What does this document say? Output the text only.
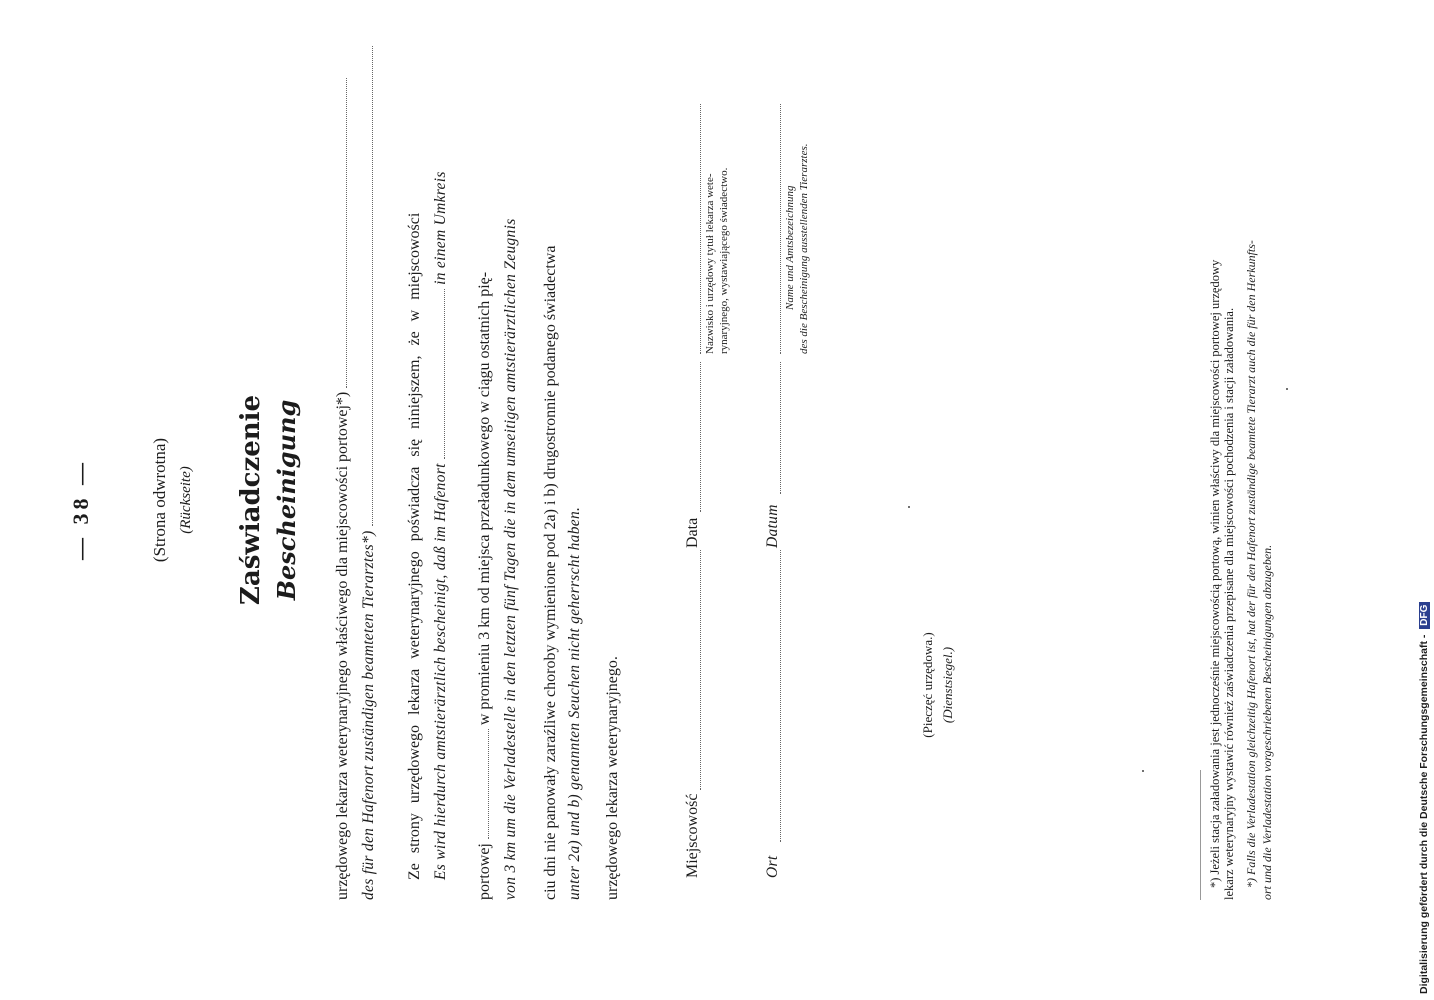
— 38 —	(Strona odwrotna) (Rückseite) Zaświadczenie Bescheinigung urzędowego lekarza weterynaryjnego właściwego dla miejscowości portowej*) des für den Hafenort zuständigen beamteten Tierarztes*) Ze strony urzędowego lekarza weterynaryjnego poświadcza się niniejszem, że w miejscowości Es wird hierdurch amtstierärztlich bescheinigt, daß im Hafenort  in einem Umkreis
portowej  w promieniu 3 km od miejsca przeładunkowego w ciągu ostatnich pię- von 3 km um die Verladestelle in den letzten fünf Tagen die in dem umseitigen amtstierärztlichen Zeugnis ciu dni nie panowały zaraźliwe choroby wymienione pod 2a) i b) drugostronnie podanego świadectwa unter 2a) und b) genannten Seuchen nicht geherrscht haben. urzędowego lekarza weterynaryjnego.	Miejscowość
Data
Nazwisko i urzędowy tytuł lekarza wete- rynaryjnego, wystawiającego świadectwo.
Ort
Datum
Name und Amtsbezeichnung des die Bescheinigung ausstellenden Tierarztes.
(Pieczęć urzędowa.) (Dienstsiegel.)	*) Jeżeli stacja załadowania jest jednocześnie miejscowością portową, winien właściwy dla miejscowości portowej urzędowy lekarz weterynaryjny wystawić również zaświadczenia przepisane dla miejscowości pochodzenia i stacji załadowania. *) Falls die Verladestation gleichzeitig Hafenort ist, hat der für den Hafenort zuständige beamtete Tierarzt auch die für den Herkunfts- ort und die Verladestation vorgeschriebenen Bescheinigungen abzugeben.	Digitalisierung gefördert durch die Deutsche Forschungsgemeinschaft - DFG
